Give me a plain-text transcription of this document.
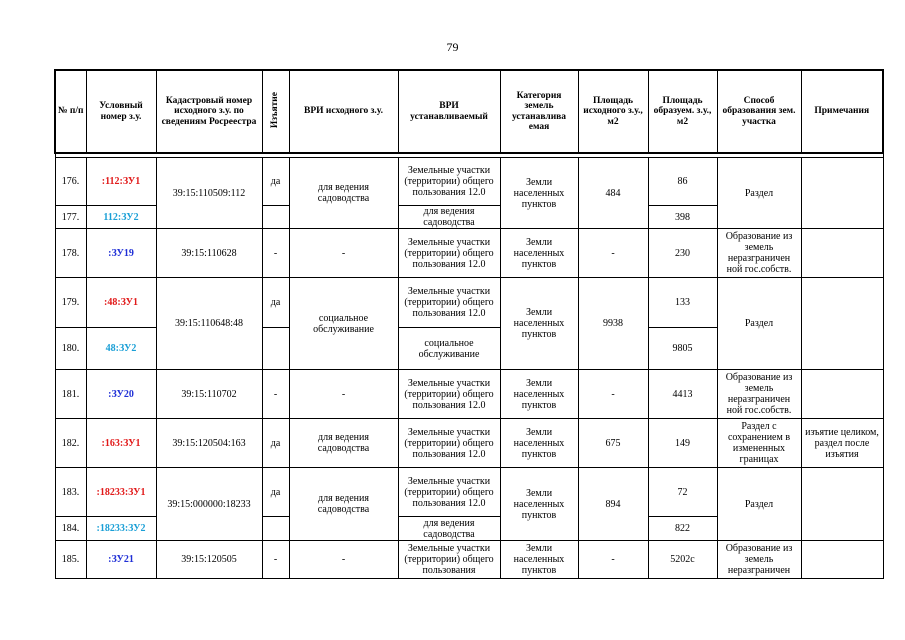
79
№ п/п	Условный номер з.у.	Кадастровый номер исходного з.у. по сведениям Росреестра	Изъятие	ВРИ исходного з.у.	ВРИ устанавливаемый	Категория земель устанавлива емая	Площадь исходного з.у., м2	Площадь образуем. з.у., м2	Способ образования зем. участка	Примечания

176.	:112:ЗУ1	39:15:110509:112	да	для ведения садоводства	Земельные участки (территории) общего пользования 12.0	Земли населенных пунктов	484	86	Раздел	
177.	112:ЗУ2				для ведения садоводства			398		
178.	:ЗУ19	39:15:110628	-	-	Земельные участки (территории) общего пользования 12.0	Земли населенных пунктов	-	230	Образование из земель неразграничен ной гос.собств.	
179.	:48:ЗУ1	39:15:110648:48	да	социальное обслуживание	Земельные участки (территории) общего пользования 12.0	Земли населенных пунктов	9938	133	Раздел	
180.	48:ЗУ2				социальное обслуживание			9805		
181.	:ЗУ20	39:15:110702	-	-	Земельные участки (территории) общего пользования 12.0	Земли населенных пунктов	-	4413	Образование из земель неразграничен ной гос.собств.	
182.	:163:ЗУ1	39:15:120504:163	да	для ведения садоводства	Земельные участки (территории) общего пользования 12.0	Земли населенных пунктов	675	149	Раздел с сохранением в измененных границах	изъятие целиком, раздел после изъятия
183.	:18233:ЗУ1	39:15:000000:18233	да	для ведения садоводства	Земельные участки (территории) общего пользования 12.0	Земли населенных пунктов	894	72	Раздел	
184.	:18233:ЗУ2				для ведения садоводства			822		
185.	:ЗУ21	39:15:120505	-	-	Земельные участки (территории) общего пользования	Земли населенных пунктов	-	5202с	Образование из земель неразграничен	
